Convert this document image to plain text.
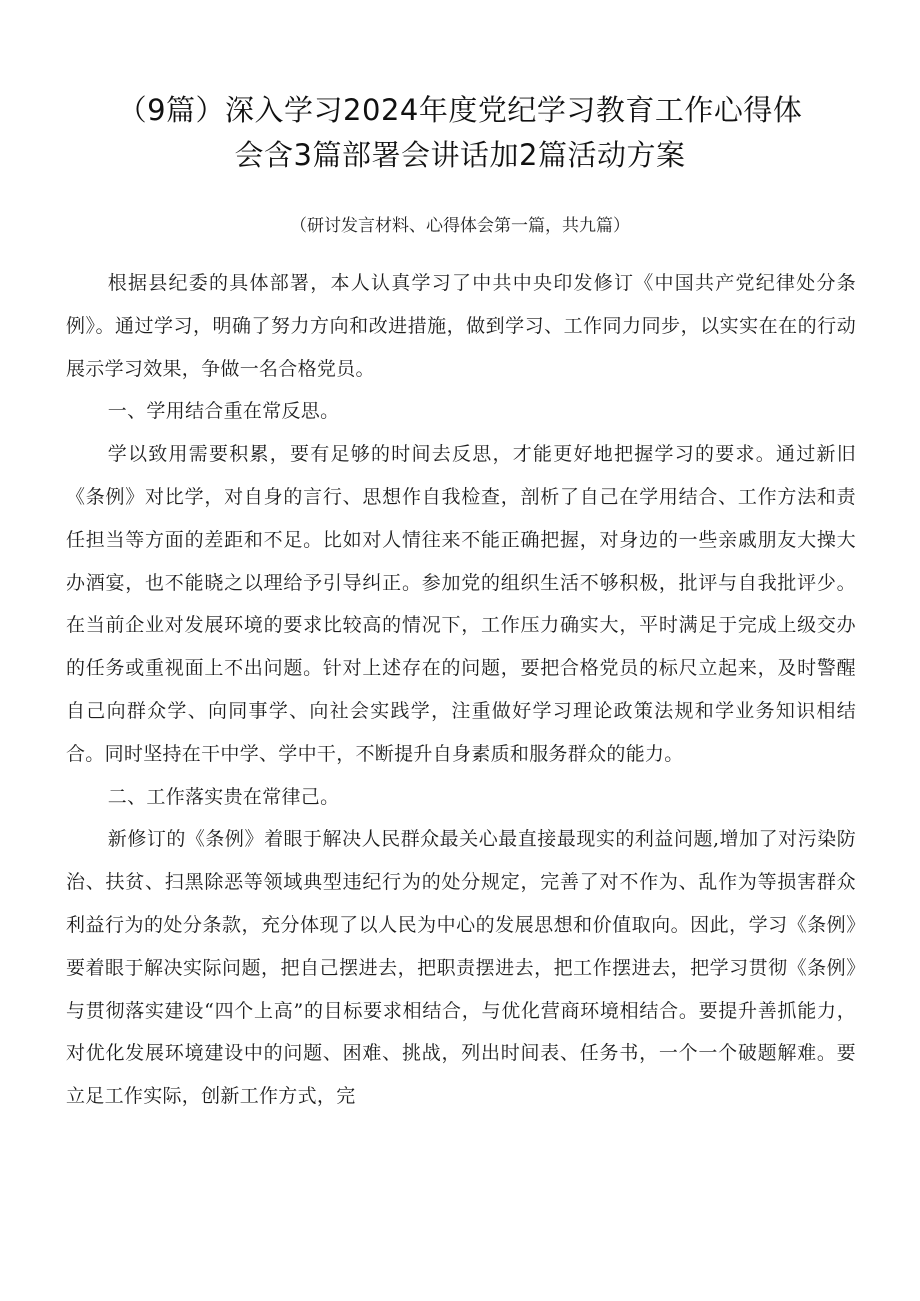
（9篇）深入学习2024年度党纪学习教育工作心得体
会含3篇部署会讲话加2篇活动方案
（研讨发言材料、心得体会第一篇，共九篇）

根据县纪委的具体部署，本人认真学习了中共中央印发修订《中国共产党纪律处分条例》。通过学习，明确了努力方向和改进措施，做到学习、工作同力同步，以实实在在的行动展示学习效果，争做一名合格党员。

一、学用结合重在常反思。

学以致用需要积累，要有足够的时间去反思，才能更好地把握学习的要求。通过新旧《条例》对比学，对自身的言行、思想作自我检查，剖析了自己在学用结合、工作方法和责任担当等方面的差距和不足。比如对人情往来不能正确把握，对身边的一些亲戚朋友大操大办酒宴，也不能晓之以理给予引导纠正。参加党的组织生活不够积极，批评与自我批评少。在当前企业对发展环境的要求比较高的情况下，工作压力确实大，平时满足于完成上级交办的任务或重视面上不出问题。针对上述存在的问题，要把合格党员的标尺立起来，及时警醒自己向群众学、向同事学、向社会实践学，注重做好学习理论政策法规和学业务知识相结合。同时坚持在干中学、学中干，不断提升自身素质和服务群众的能力。

二、工作落实贵在常律己。

新修订的《条例》着眼于解决人民群众最关心最直接最现实的利益问题,增加了对污染防治、扶贫、扫黑除恶等领域典型违纪行为的处分规定，完善了对不作为、乱作为等损害群众利益行为的处分条款，充分体现了以人民为中心的发展思想和价值取向。因此，学习《条例》要着眼于解决实际问题，把自己摆进去，把职责摆进去，把工作摆进去，把学习贯彻《条例》与贯彻落实建设“四个上高”的目标要求相结合，与优化营商环境相结合。要提升善抓能力，对优化发展环境建设中的问题、困难、挑战，列出时间表、任务书，一个一个破题解难。要立足工作实际，创新工作方式，完
